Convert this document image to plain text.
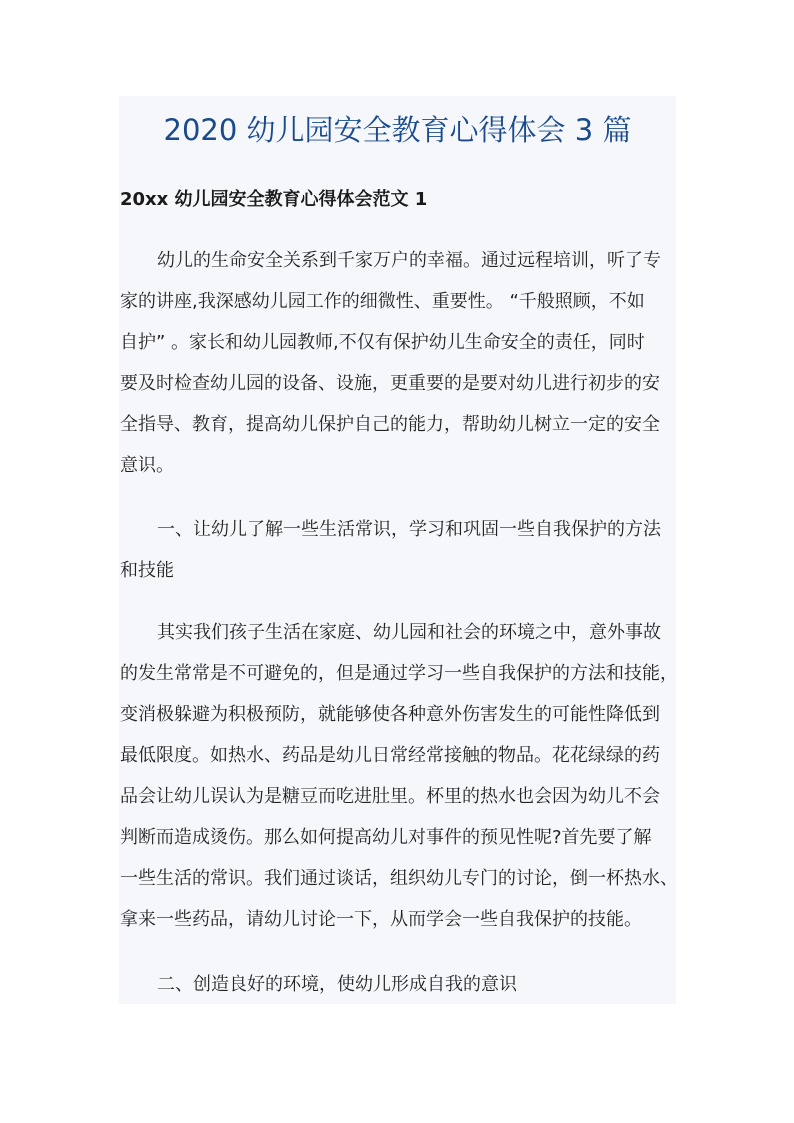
2020 幼儿园安全教育心得体会 3 篇
20xx 幼儿园安全教育心得体会范文 1
幼儿的生命安全关系到千家万户的幸福。通过远程培训，听了专
家的讲座,我深感幼儿园工作的细微性、重要性。 “千般照顾，不如
自护” 。家长和幼儿园教师,不仅有保护幼儿生命安全的责任，同时
要及时检查幼儿园的设备、设施，更重要的是要对幼儿进行初步的安
全指导、教育，提高幼儿保护自己的能力，帮助幼儿树立一定的安全
意识。
一、让幼儿了解一些生活常识，学习和巩固一些自我保护的方法
和技能
其实我们孩子生活在家庭、幼儿园和社会的环境之中，意外事故
的发生常常是不可避免的，但是通过学习一些自我保护的方法和技能，
变消极躲避为积极预防，就能够使各种意外伤害发生的可能性降低到
最低限度。如热水、药品是幼儿日常经常接触的物品。花花绿绿的药
品会让幼儿误认为是糖豆而吃进肚里。杯里的热水也会因为幼儿不会
判断而造成烫伤。那么如何提高幼儿对事件的预见性呢?首先要了解
一些生活的常识。我们通过谈话，组织幼儿专门的讨论，倒一杯热水、
拿来一些药品，请幼儿讨论一下，从而学会一些自我保护的技能。
二、创造良好的环境，使幼儿形成自我的意识
